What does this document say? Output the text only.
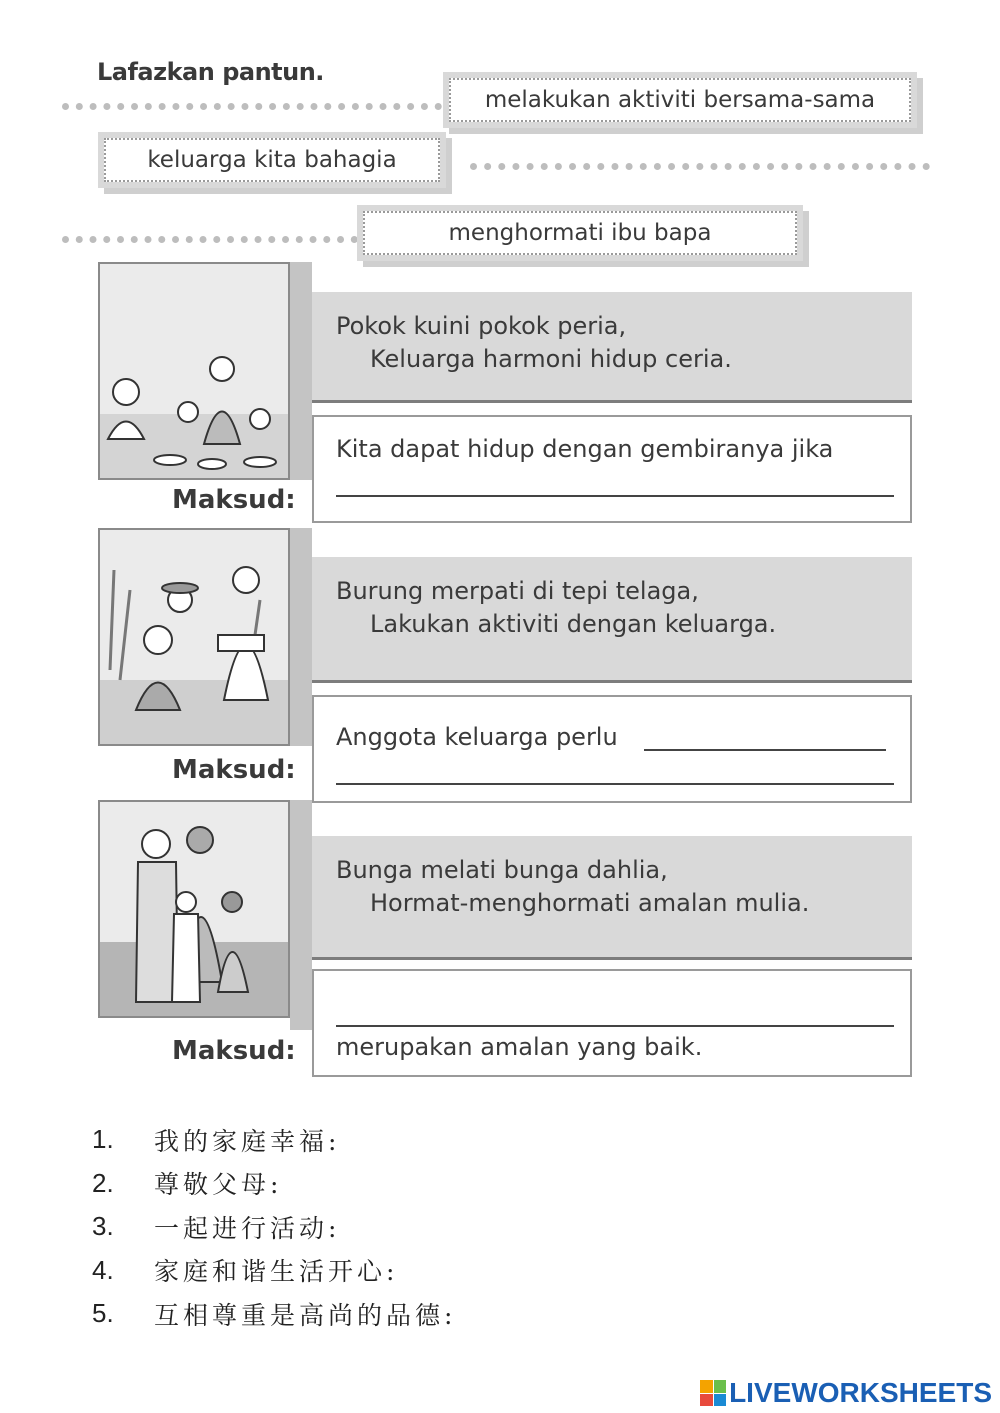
Lafazkan pantun.
melakukan aktiviti bersama-sama
keluarga kita bahagia
menghormati ibu bapa
Pokok kuini pokok peria,
Keluarga harmoni hidup ceria.
Kita dapat hidup dengan gembiranya jika
Maksud:
Burung merpati di tepi telaga,
Lakukan aktiviti dengan keluarga.
Anggota keluarga perlu
Maksud:
Bunga melati bunga dahlia,
Hormat-menghormati amalan mulia.
merupakan amalan yang baik.
Maksud:
1.	我的家庭幸福:
2.	尊敬父母:
3.	一起进行活动:
4.	家庭和谐生活开心:
5.	互相尊重是高尚的品德:
LIVEWORKSHEETS
